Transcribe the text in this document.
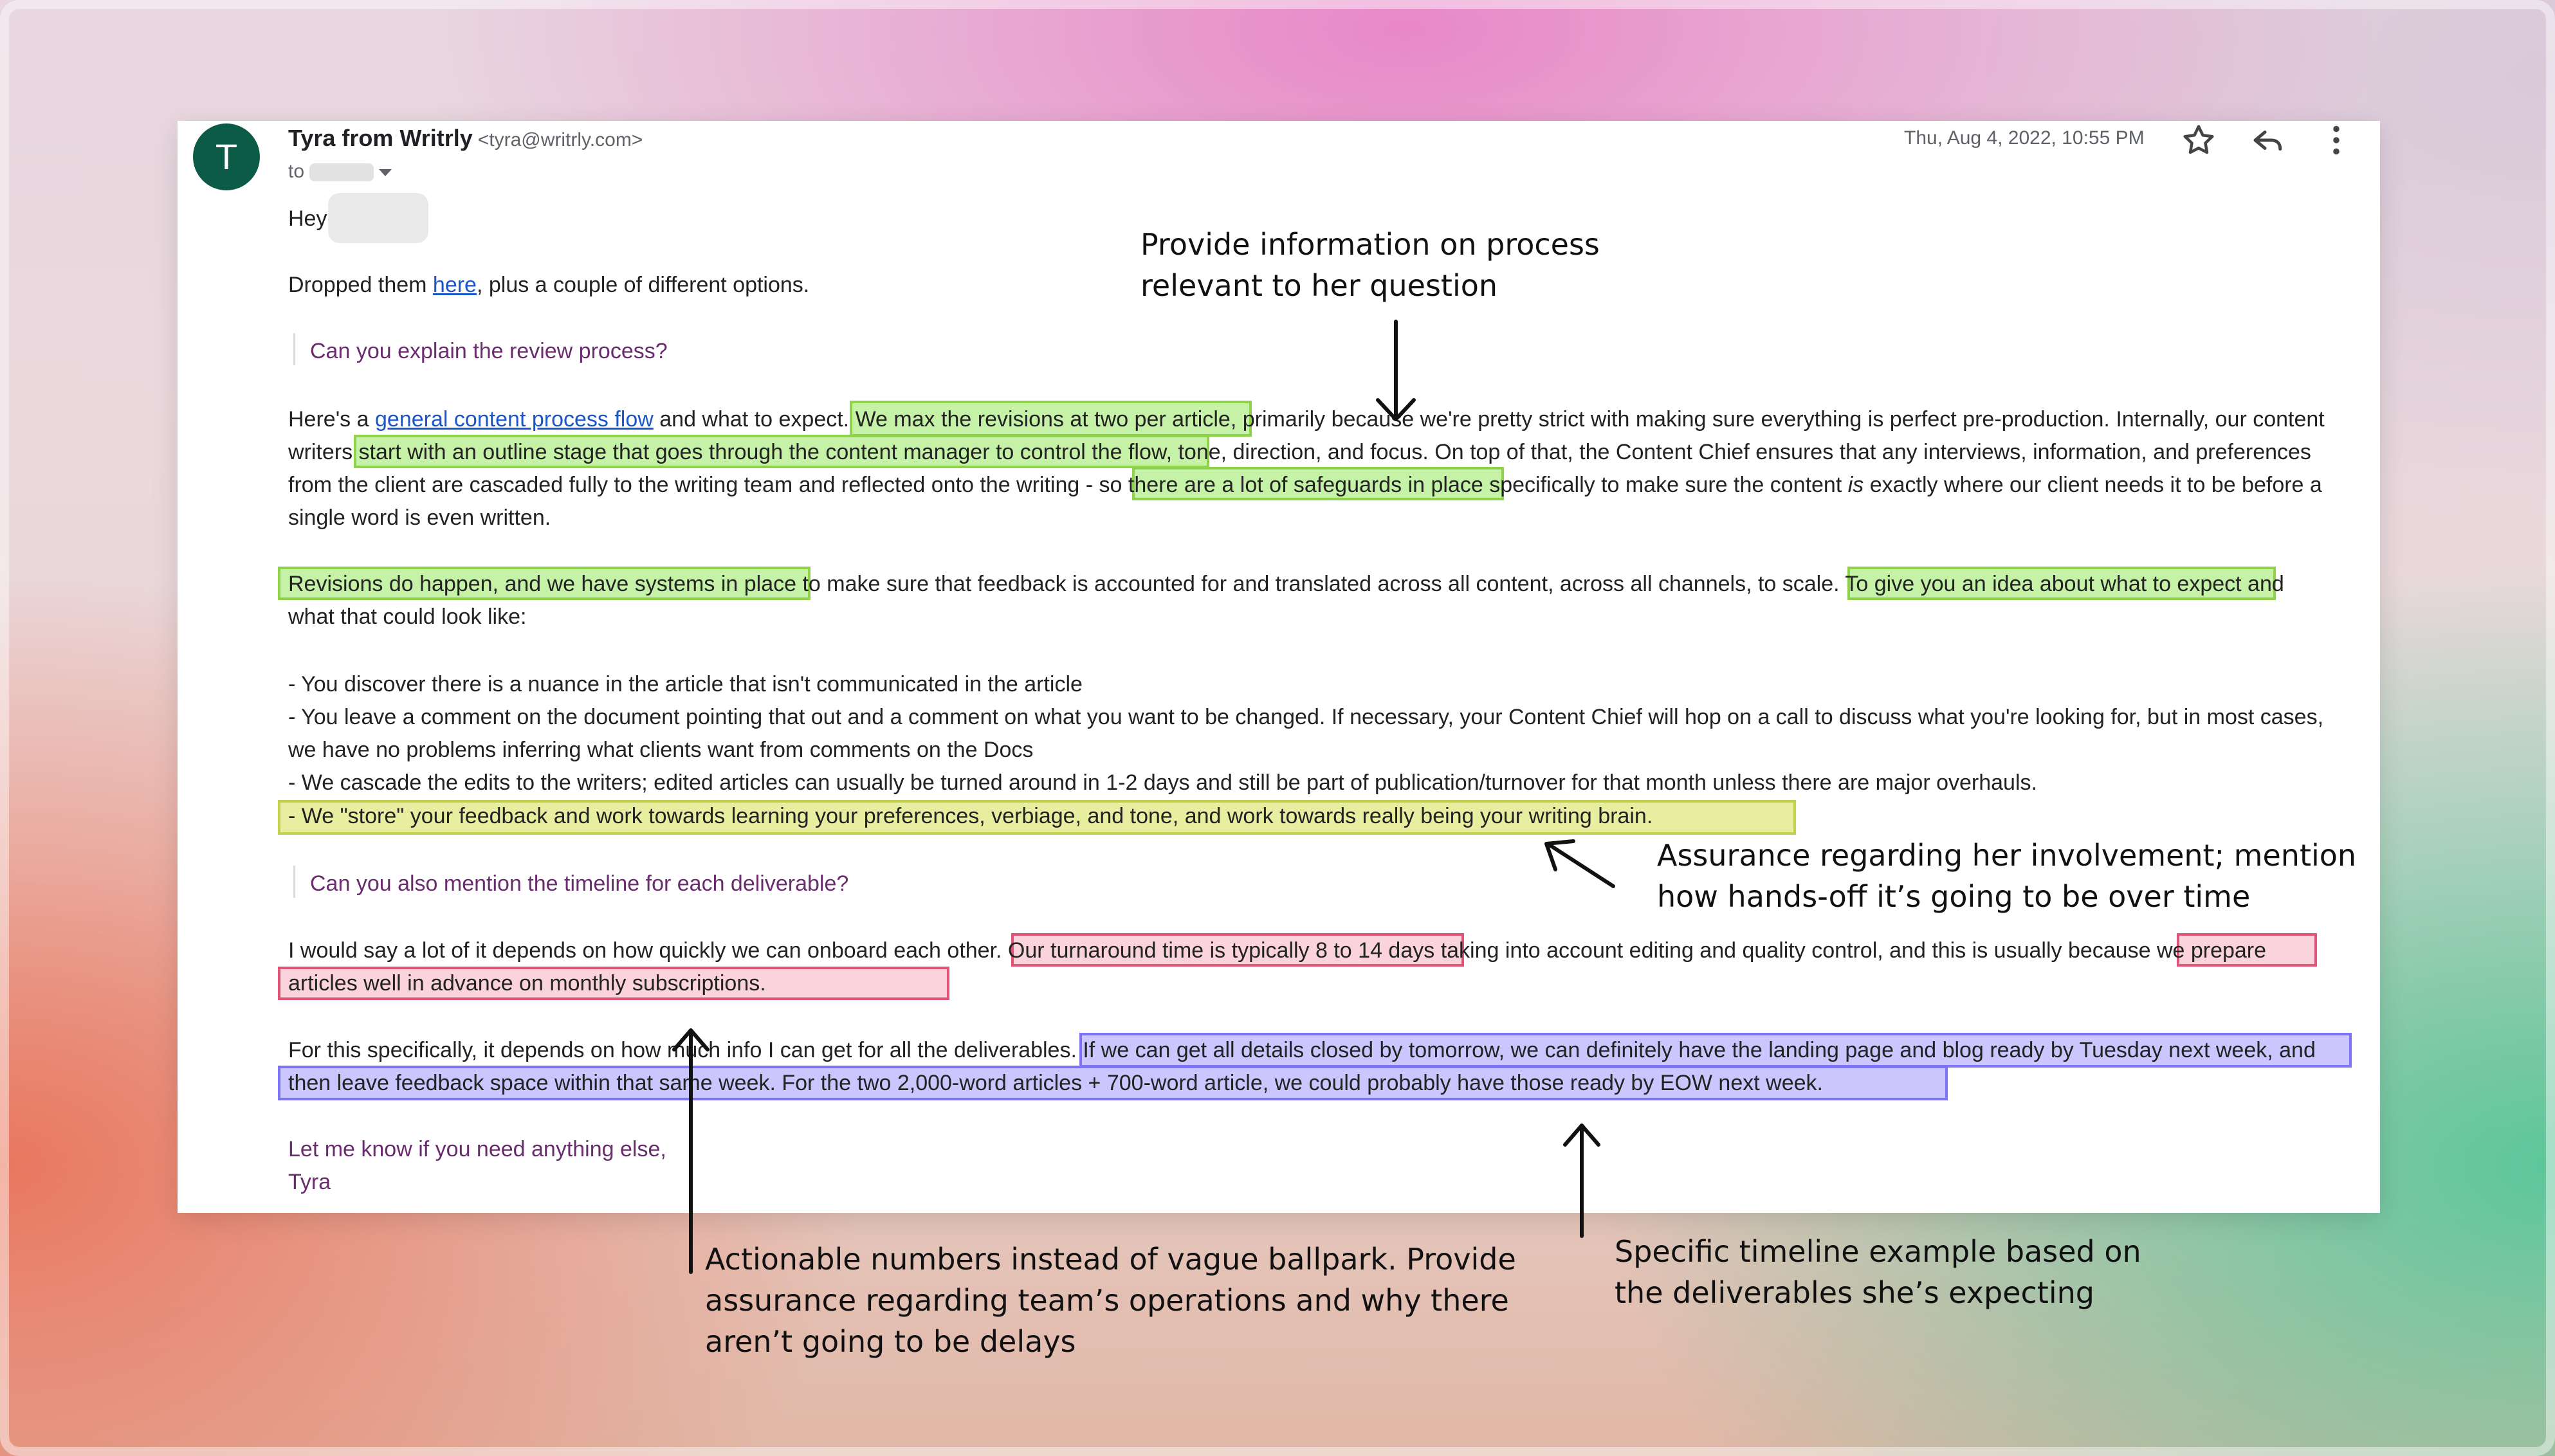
T	Tyra from Writrly <tyra@writrly.com>
to
Thu, Aug 4, 2022, 10:55 PM
Hey
Dropped them here, plus a couple of different options.
Can you explain the review process?
Here's a general content process flow and what to expect. We max the revisions at two per article, primarily because we're pretty strict with making sure everything is perfect pre-production. Internally, our content
writers start with an outline stage that goes through the content manager to control the flow, tone, direction, and focus. On top of that, the Content Chief ensures that any interviews, information, and preferences
from the client are cascaded fully to the writing team and reflected onto the writing - so there are a lot of safeguards in place specifically to make sure the content is exactly where our client needs it to be before a
single word is even written.
Revisions do happen, and we have systems in place to make sure that feedback is accounted for and translated across all content, across all channels, to scale. To give you an idea about what to expect and
what that could look like:
- You discover there is a nuance in the article that isn't communicated in the article
- You leave a comment on the document pointing that out and a comment on what you want to be changed. If necessary, your Content Chief will hop on a call to discuss what you're looking for, but in most cases,
we have no problems inferring what clients want from comments on the Docs
- We cascade the edits to the writers; edited articles can usually be turned around in 1-2 days and still be part of publication/turnover for that month unless there are major overhauls.
- We "store" your feedback and work towards learning your preferences, verbiage, and tone, and work towards really being your writing brain.
Can you also mention the timeline for each deliverable?
I would say a lot of it depends on how quickly we can onboard each other. Our turnaround time is typically 8 to 14 days taking into account editing and quality control, and this is usually because we prepare
articles well in advance on monthly subscriptions.
For this specifically, it depends on how much info I can get for all the deliverables. If we can get all details closed by tomorrow, we can definitely have the landing page and blog ready by Tuesday next week, and
then leave feedback space within that same week. For the two 2,000-word articles + 700-word article, we could probably have those ready by EOW next week.
Let me know if you need anything else,
Tyra
Provide information on process
relevant to her question
Assurance regarding her involvement; mention
how hands-off it’s going to be over time
Actionable numbers instead of vague ballpark. Provide
assurance regarding team’s operations and why there
aren’t going to be delays
Specific timeline example based on
the deliverables she’s expecting
